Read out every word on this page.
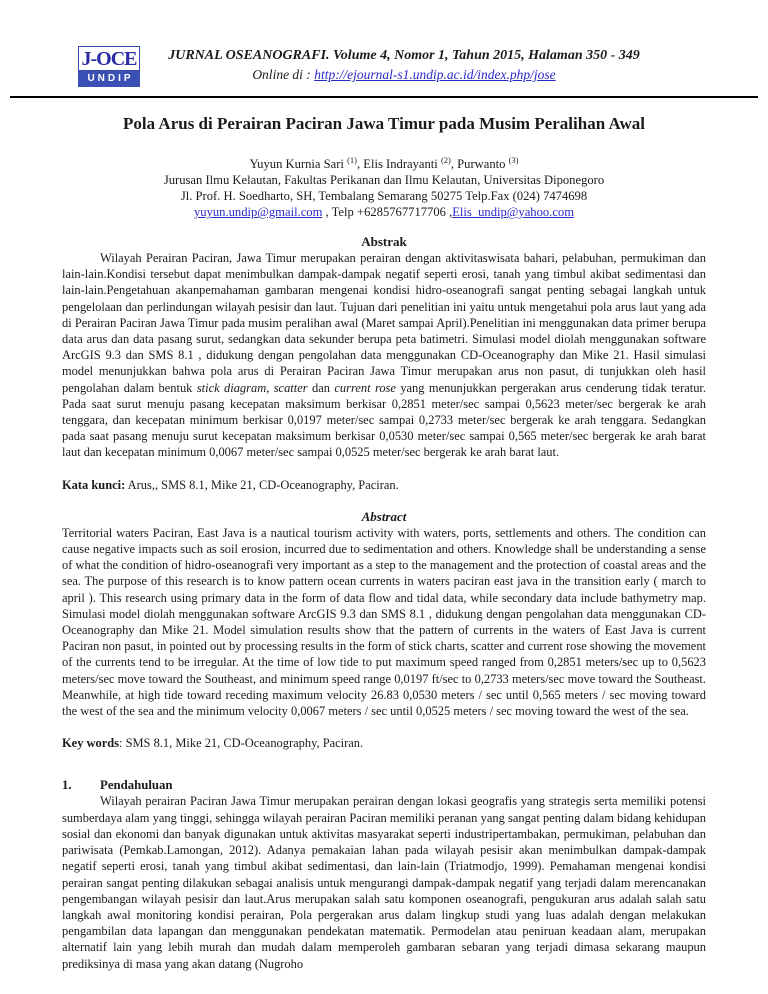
J-OCE
UNDIP
JURNAL OSEANOGRAFI. Volume 4, Nomor 1, Tahun 2015, Halaman 350 - 349
Online di : http://ejournal-s1.undip.ac.id/index.php/jose
Pola Arus di Perairan Paciran Jawa Timur pada Musim Peralihan Awal
Yuyun Kurnia Sari $^{(1)}$, Elis Indrayanti $^{(2)}$, Purwanto $^{(3)}$
Jurusan Ilmu Kelautan, Fakultas Perikanan dan Ilmu Kelautan, Universitas Diponegoro
Jl. Prof. H. Soedharto, SH, Tembalang Semarang 50275 Telp.Fax (024) 7474698
yuyun.undip@gmail.com , Telp +6285767717706 ,Elis_undip@yahoo.com
Abstrak

Wilayah Perairan Paciran, Jawa Timur merupakan perairan dengan aktivitaswisata bahari, pelabuhan, permukiman dan lain-lain.Kondisi tersebut dapat menimbulkan dampak-dampak negatif seperti erosi, tanah yang timbul akibat sedimentasi dan lain-lain.Pengetahuan akanpemahaman gambaran mengenai kondisi hidro-oseanografi sangat penting sebagai langkah untuk pengelolaan dan perlindungan wilayah pesisir dan laut. Tujuan dari penelitian ini yaitu untuk mengetahui pola arus laut yang ada di Perairan Paciran Jawa Timur pada musim peralihan awal (Maret sampai April).Penelitian ini menggunakan data primer berupa data arus dan data pasang surut, sedangkan data sekunder berupa peta batimetri. Simulasi model diolah menggunakan software ArcGIS 9.3 dan SMS 8.1 , didukung dengan pengolahan data menggunakan CD-Oceanography dan Mike 21. Hasil simulasi model menunjukkan bahwa pola arus di Perairan Paciran Jawa Timur merupakan arus non pasut, di tunjukkan oleh hasil pengolahan dalam bentuk stick diagram, scatter dan current rose yang menunjukkan pergerakan arus cenderung tidak teratur. Pada saat surut menuju pasang kecepatan maksimum berkisar 0,2851 meter/sec sampai 0,5623 meter/sec bergerak ke arah tenggara, dan kecepatan minimum berkisar 0,0197 meter/sec sampai 0,2733 meter/sec bergerak ke arah tenggara. Sedangkan pada saat pasang menuju surut kecepatan maksimum berkisar 0,0530 meter/sec sampai 0,565 meter/sec bergerak ke arah barat laut dan kecepatan minimum 0,0067 meter/sec sampai 0,0525 meter/sec bergerak ke arah barat laut.

Kata kunci: Arus,, SMS 8.1, Mike 21, CD-Oceanography, Paciran.
Abstract

Territorial waters Paciran, East Java is a nautical tourism activity with waters, ports, settlements and others. The condition can cause negative impacts such as soil erosion, incurred due to sedimentation and others. Knowledge shall be understanding a sense of what the condition of hidro-oseanografi very important as a step to the management and the protection of coastal areas and the sea. The purpose of this research is to know pattern ocean currents in waters paciran east java in the transition early ( march to april ). This research using primary data in the form of data flow and tidal data, while secondary data include bathymetry map. Simulasi model diolah menggunakan software ArcGIS 9.3 dan SMS 8.1 , didukung dengan pengolahan data menggunakan CD-Oceanography dan Mike 21. Model simulation results show that the pattern of currents in the waters of East Java is current Paciran non pasut, in pointed out by processing results in the form of stick charts, scatter and current rose showing the movement of the currents tend to be irregular. At the time of low tide to put maximum speed ranged from 0,2851 meters/sec up to 0,5623 meters/sec move toward the Southeast, and minimum speed range 0,0197 ft/sec to 0,2733 meters/sec move toward the Southeast. Meanwhile, at high tide toward receding maximum velocity 26.83 0,0530 meters / sec until 0,565 meters / sec moving toward the west of the sea and the minimum velocity 0,0067 meters / sec until 0,0525 meters / sec moving toward the west of the sea.

Key words: SMS 8.1, Mike 21, CD-Oceanography, Paciran.
1. Pendahuluan

Wilayah perairan Paciran Jawa Timur merupakan perairan dengan lokasi geografis yang strategis serta memiliki potensi sumberdaya alam yang tinggi, sehingga wilayah perairan Paciran memiliki peranan yang sangat penting dalam bidang kehidupan sosial dan ekonomi dan banyak digunakan untuk aktivitas masyarakat seperti industripertambakan, permukiman, pelabuhan dan pariwisata (Pemkab.Lamongan, 2012). Adanya pemakaian lahan pada wilayah pesisir akan menimbulkan dampak-dampak negatif seperti erosi, tanah yang timbul akibat sedimentasi, dan lain-lain (Triatmodjo, 1999). Pemahaman mengenai kondisi perairan sangat penting dilakukan sebagai analisis untuk mengurangi dampak-dampak negatif yang terjadi dalam merencanakan pengembangan wilayah pesisir dan laut.Arus merupakan salah satu komponen oseanografi, pengukuran arus adalah salah satu langkah awal monitoring kondisi perairan, Pola pergerakan arus dalam lingkup studi yang luas adalah dengan melakukan pengambilan data lapangan dan menggunakan pendekatan matematik. Permodelan atau peniruan keadaan alam, merupakan alternatif lain yang lebih murah dan mudah dalam memperoleh gambaran sebaran yang terjadi dimasa sekarang maupun prediksinya di masa yang akan datang (Nugroho
